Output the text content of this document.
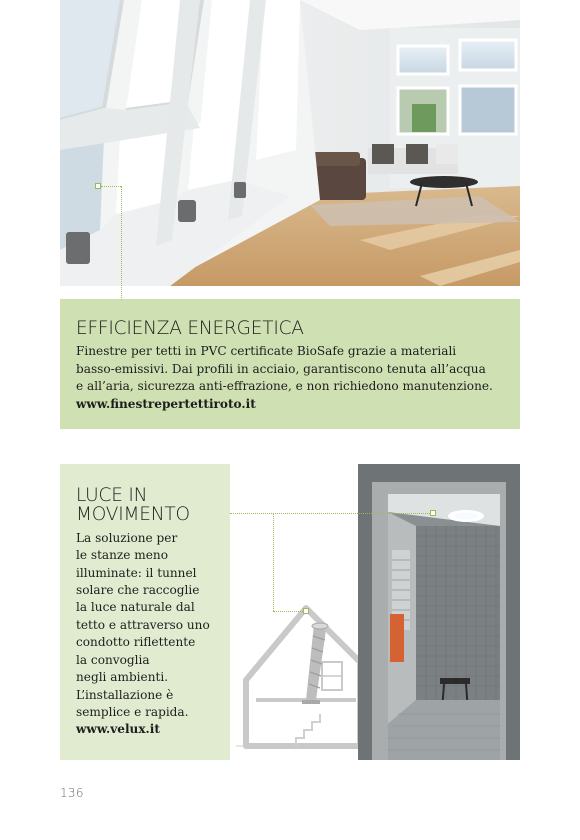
EFFICIENZA ENERGETICA
Finestre per tetti in PVC certificate BioSafe grazie a materiali
basso-emissivi. Dai profili in acciaio, garantiscono tenuta all’acqua
e all’aria, sicurezza anti-effrazione, e non richiedono manutenzione.
www.finestrepertettiroto.it
LUCE IN MOVIMENTO
La soluzione per
le stanze meno
illuminate: il tunnel
solare che raccoglie
la luce naturale dal
tetto e attraverso uno
condotto riflettente
la convoglia
negli ambienti.
L’installazione è
semplice e rapida.
www.velux.it
136
